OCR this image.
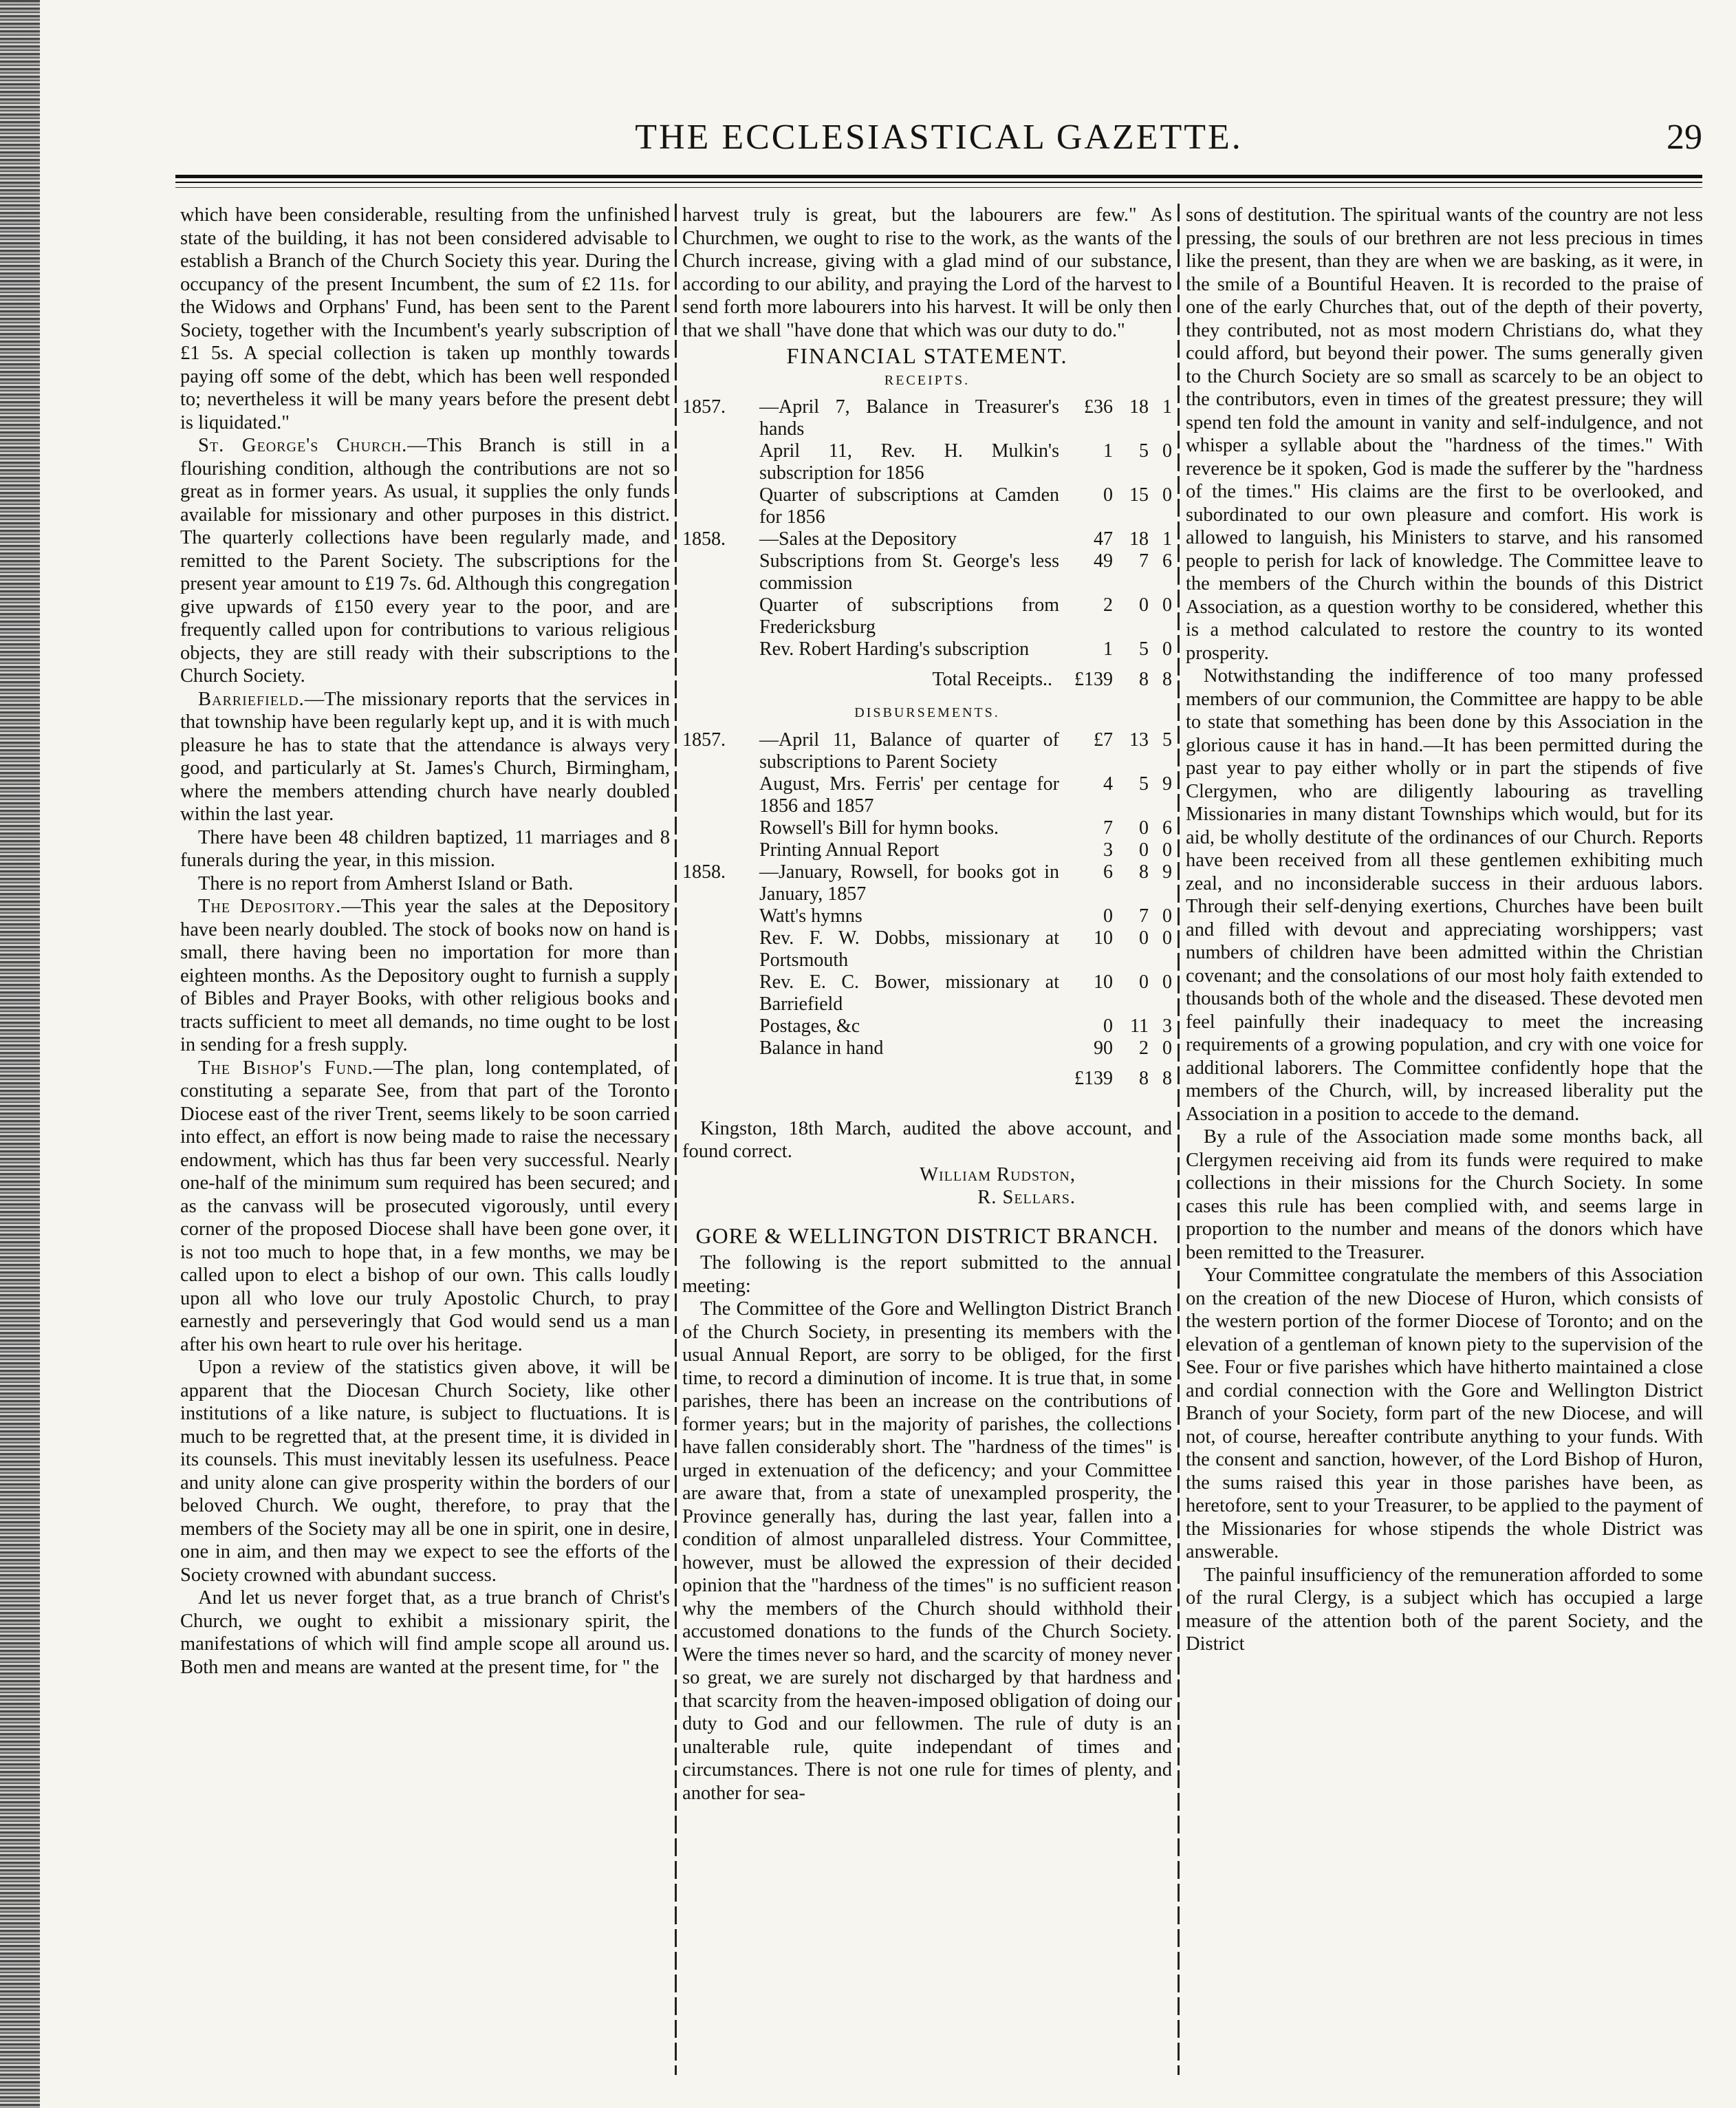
THE ECCLESIASTICAL GAZETTE.	29

which have been considerable, resulting from the unfinished state of the building, it has not been considered advisable to establish a Branch of the Church Society this year. During the occupancy of the present Incumbent, the sum of £2 11s. for the Widows and Orphans' Fund, has been sent to the Parent Society, together with the Incumbent's yearly subscription of £1 5s. A special collection is taken up monthly towards paying off some of the debt, which has been well responded to; nevertheless it will be many years before the present debt is liquidated."

St. George's Church.—This Branch is still in a flourishing condition, although the contributions are not so great as in former years. As usual, it supplies the only funds available for missionary and other purposes in this district. The quarterly collections have been regularly made, and remitted to the Parent Society. The subscriptions for the present year amount to £19 7s. 6d. Although this congregation give upwards of £150 every year to the poor, and are frequently called upon for contributions to various religious objects, they are still ready with their subscriptions to the Church Society.

Barriefield.—The missionary reports that the services in that township have been regularly kept up, and it is with much pleasure he has to state that the attendance is always very good, and particularly at St. James's Church, Birmingham, where the members attending church have nearly doubled within the last year.

There have been 48 children baptized, 11 marriages and 8 funerals during the year, in this mission.

There is no report from Amherst Island or Bath.

The Depository.—This year the sales at the Depository have been nearly doubled. The stock of books now on hand is small, there having been no importation for more than eighteen months. As the Depository ought to furnish a supply of Bibles and Prayer Books, with other religious books and tracts sufficient to meet all demands, no time ought to be lost in sending for a fresh supply.

The Bishop's Fund.—The plan, long contemplated, of constituting a separate See, from that part of the Toronto Diocese east of the river Trent, seems likely to be soon carried into effect, an effort is now being made to raise the necessary endowment, which has thus far been very successful. Nearly one-half of the minimum sum required has been secured; and as the canvass will be prosecuted vigorously, until every corner of the proposed Diocese shall have been gone over, it is not too much to hope that, in a few months, we may be called upon to elect a bishop of our own. This calls loudly upon all who love our truly Apostolic Church, to pray earnestly and perseveringly that God would send us a man after his own heart to rule over his heritage.

Upon a review of the statistics given above, it will be apparent that the Diocesan Church Society, like other institutions of a like nature, is subject to fluctuations. It is much to be regretted that, at the present time, it is divided in its counsels. This must inevitably lessen its usefulness. Peace and unity alone can give prosperity within the borders of our beloved Church. We ought, therefore, to pray that the members of the Society may all be one in spirit, one in desire, one in aim, and then may we expect to see the efforts of the Society crowned with abundant success.

And let us never forget that, as a true branch of Christ's Church, we ought to exhibit a missionary spirit, the manifestations of which will find ample scope all around us. Both men and means are wanted at the present time, for " the

harvest truly is great, but the labourers are few." As Churchmen, we ought to rise to the work, as the wants of the Church increase, giving with a glad mind of our substance, according to our ability, and praying the Lord of the harvest to send forth more labourers into his harvest. It will be only then that we shall "have done that which was our duty to do."

FINANCIAL STATEMENT.
RECEIPTS.
1857.	—April 7, Balance in Treasurer's hands	£36	18	1
	April 11, Rev. H. Mulkin's subscription for 1856	1	5	0
	Quarter of subscriptions at Camden for 1856	0	15	0
1858.	—Sales at the Depository	47	18	1
	Subscriptions from St. George's less commission	49	7	6
	Quarter of subscriptions from Fredericksburg	2	0	0
	Rev. Robert Harding's subscription	1	5	0
	Total Receipts..	£139	8	8
DISBURSEMENTS.
1857.	—April 11, Balance of quarter of subscriptions to Parent Society	£7	13	5
	August, Mrs. Ferris' per centage for 1856 and 1857	4	5	9
	Rowsell's Bill for hymn books.	7	0	6
	Printing Annual Report	3	0	0
1858.	—January, Rowsell, for books got in January, 1857	6	8	9
	Watt's hymns	0	7	0
	Rev. F. W. Dobbs, missionary at Portsmouth	10	0	0
	Rev. E. C. Bower, missionary at Barriefield	10	0	0
	Postages, &c	0	11	3
	Balance in hand	90	2	0
		£139	8	8

Kingston, 18th March, audited the above account, and found correct.

William Rudston,
R. Sellars.
GORE & WELLINGTON DISTRICT BRANCH.

The following is the report submitted to the annual meeting:

The Committee of the Gore and Wellington District Branch of the Church Society, in presenting its members with the usual Annual Report, are sorry to be obliged, for the first time, to record a diminution of income. It is true that, in some parishes, there has been an increase on the contributions of former years; but in the majority of parishes, the collections have fallen considerably short. The "hardness of the times" is urged in extenuation of the deficency; and your Committee are aware that, from a state of unexampled prosperity, the Province generally has, during the last year, fallen into a condition of almost unparalleled distress. Your Committee, however, must be allowed the expression of their decided opinion that the "hardness of the times" is no sufficient reason why the members of the Church should withhold their accustomed donations to the funds of the Church Society. Were the times never so hard, and the scarcity of money never so great, we are surely not discharged by that hardness and that scarcity from the heaven-imposed obligation of doing our duty to God and our fellowmen. The rule of duty is an unalterable rule, quite independant of times and circumstances. There is not one rule for times of plenty, and another for sea-

sons of destitution. The spiritual wants of the country are not less pressing, the souls of our brethren are not less precious in times like the present, than they are when we are basking, as it were, in the smile of a Bountiful Heaven. It is recorded to the praise of one of the early Churches that, out of the depth of their poverty, they contributed, not as most modern Christians do, what they could afford, but beyond their power. The sums generally given to the Church Society are so small as scarcely to be an object to the contributors, even in times of the greatest pressure; they will spend ten fold the amount in vanity and self-indulgence, and not whisper a syllable about the "hardness of the times." With reverence be it spoken, God is made the sufferer by the "hardness of the times." His claims are the first to be overlooked, and subordinated to our own pleasure and comfort. His work is allowed to languish, his Ministers to starve, and his ransomed people to perish for lack of knowledge. The Committee leave to the members of the Church within the bounds of this District Association, as a question worthy to be considered, whether this is a method calculated to restore the country to its wonted prosperity.

Notwithstanding the indifference of too many professed members of our communion, the Committee are happy to be able to state that something has been done by this Association in the glorious cause it has in hand.—It has been permitted during the past year to pay either wholly or in part the stipends of five Clergymen, who are diligently labouring as travelling Missionaries in many distant Townships which would, but for its aid, be wholly destitute of the ordinances of our Church. Reports have been received from all these gentlemen exhibiting much zeal, and no inconsiderable success in their arduous labors. Through their self-denying exertions, Churches have been built and filled with devout and appreciating worshippers; vast numbers of children have been admitted within the Christian covenant; and the consolations of our most holy faith extended to thousands both of the whole and the diseased. These devoted men feel painfully their inadequacy to meet the increasing requirements of a growing population, and cry with one voice for additional laborers. The Committee confidently hope that the members of the Church, will, by increased liberality put the Association in a position to accede to the demand.

By a rule of the Association made some months back, all Clergymen receiving aid from its funds were required to make collections in their missions for the Church Society. In some cases this rule has been complied with, and seems large in proportion to the number and means of the donors which have been remitted to the Treasurer.

Your Committee congratulate the members of this Association on the creation of the new Diocese of Huron, which consists of the western portion of the former Diocese of Toronto; and on the elevation of a gentleman of known piety to the supervision of the See. Four or five parishes which have hitherto maintained a close and cordial connection with the Gore and Wellington District Branch of your Society, form part of the new Diocese, and will not, of course, hereafter contribute anything to your funds. With the consent and sanction, however, of the Lord Bishop of Huron, the sums raised this year in those parishes have been, as heretofore, sent to your Treasurer, to be applied to the payment of the Missionaries for whose stipends the whole District was answerable.

The painful insufficiency of the remuneration afforded to some of the rural Clergy, is a subject which has occupied a large measure of the attention both of the parent Society, and the District
